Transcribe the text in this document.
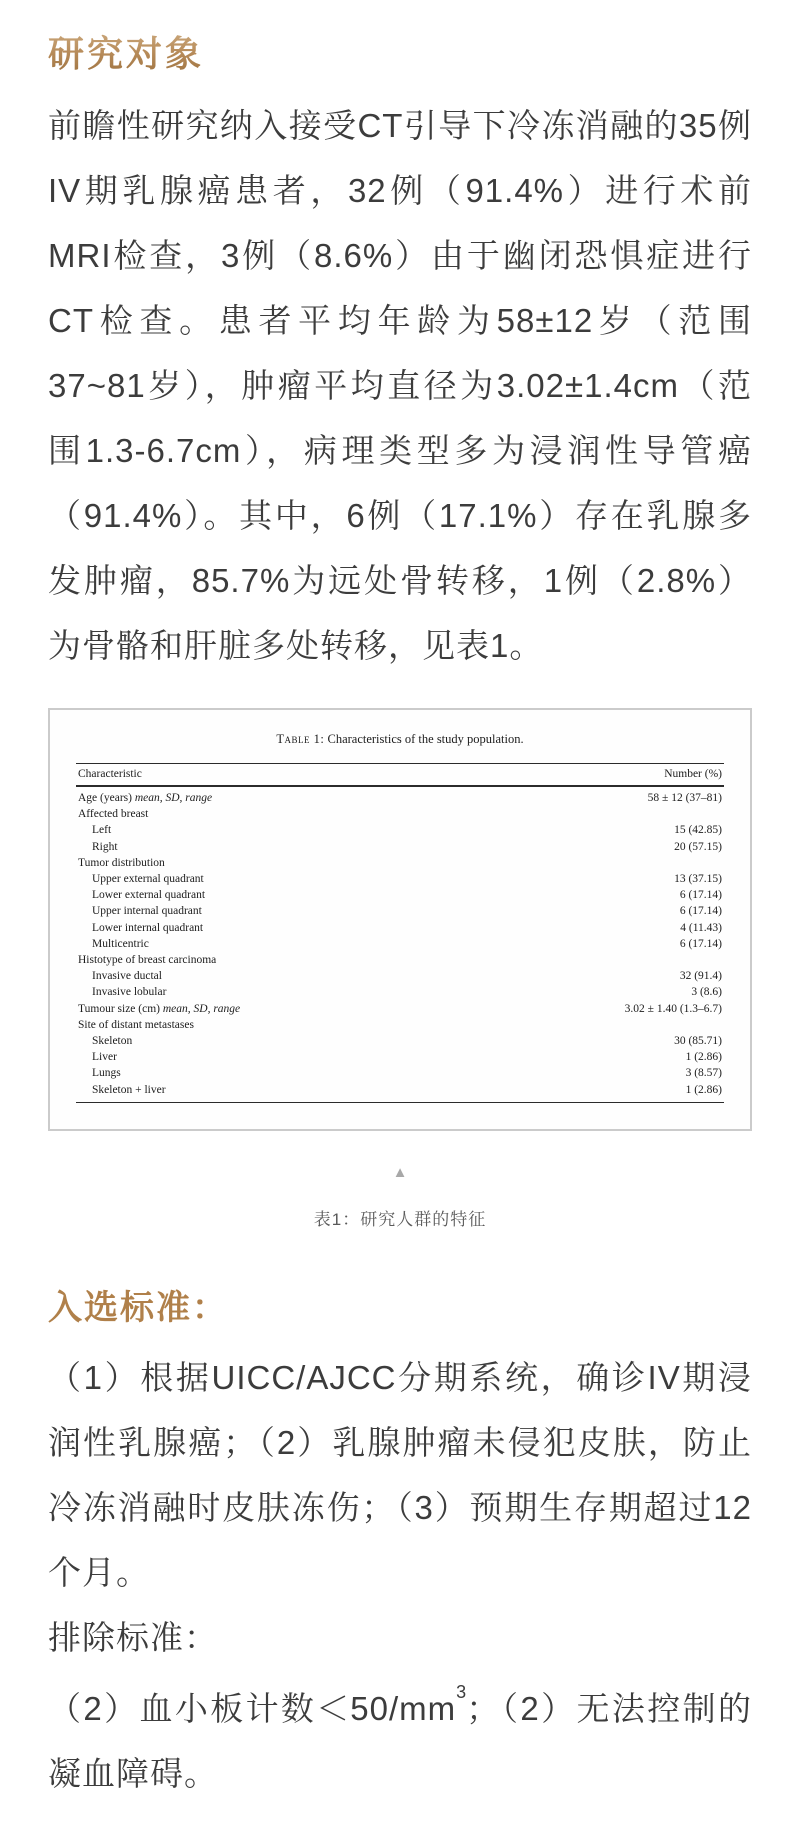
研究对象

前瞻性研究纳入接受CT引导下冷冻消融的35例IV期乳腺癌患者，32例（91.4%）进行术前MRI检查，3例（8.6%）由于幽闭恐惧症进行CT检查。患者平均年龄为58±12岁（范围37~81岁），肿瘤平均直径为3.02±1.4cm（范围1.3-6.7cm），病理类型多为浸润性导管癌（91.4%）。其中，6例（17.1%）存在乳腺多发肿瘤，85.7%为远处骨转移，1例（2.8%）为骨骼和肝脏多处转移，见表1。

Table 1: Characteristics of the study population.
Characteristic	Number (%)
Age (years) mean, SD, range	58 ± 12 (37–81)
Affected breast
Left	15 (42.85)
Right	20 (57.15)
Tumor distribution
Upper external quadrant	13 (37.15)
Lower external quadrant	6 (17.14)
Upper internal quadrant	6 (17.14)
Lower internal quadrant	4 (11.43)
Multicentric	6 (17.14)
Histotype of breast carcinoma
Invasive ductal	32 (91.4)
Invasive lobular	3 (8.6)
Tumour size (cm) mean, SD, range	3.02 ± 1.40 (1.3–6.7)
Site of distant metastases
Skeleton	30 (85.71)
Liver	1 (2.86)
Lungs	3 (8.57)
Skeleton + liver	1 (2.86)
▲
表1：研究人群的特征
入选标准：

（1）根据UICC/AJCC分期系统，确诊IV期浸润性乳腺癌；（2）乳腺肿瘤未侵犯皮肤，防止冷冻消融时皮肤冻伤；（3）预期生存期超过12个月。

排除标准：

（2）血小板计数$<50/mm^3$；（2）无法控制的凝血障碍。
